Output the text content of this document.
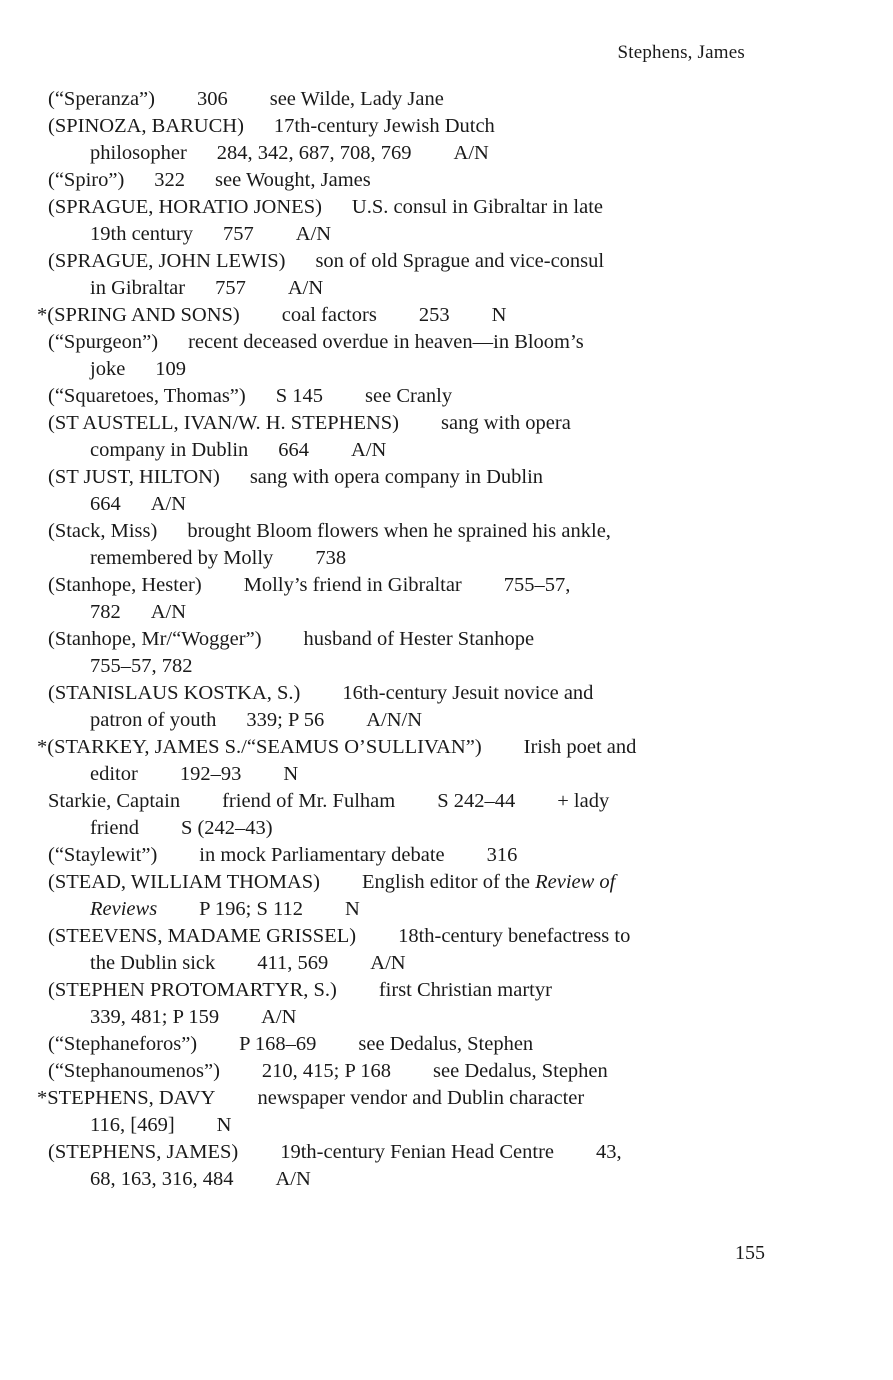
Stephens, James
(“Speranza”) 306 see Wilde, Lady Jane
(SPINOZA, BARUCH) 17th-century Jewish Dutch
philosopher 284, 342, 687, 708, 769 A/N
(“Spiro”) 322 see Wought, James
(SPRAGUE, HORATIO JONES) U.S. consul in Gibraltar in late
19th century 757 A/N
(SPRAGUE, JOHN LEWIS) son of old Sprague and vice-consul
in Gibraltar 757 A/N
*(SPRING AND SONS) coal factors 253 N
(“Spurgeon”) recent deceased overdue in heaven—in Bloom’s
joke 109
(“Squaretoes, Thomas”) S 145 see Cranly
(ST AUSTELL, IVAN/W. H. STEPHENS) sang with opera
company in Dublin 664 A/N
(ST JUST, HILTON) sang with opera company in Dublin
664 A/N
(Stack, Miss) brought Bloom flowers when he sprained his ankle,
remembered by Molly 738
(Stanhope, Hester) Molly’s friend in Gibraltar 755–57,
782 A/N
(Stanhope, Mr/“Wogger”) husband of Hester Stanhope
755–57, 782
(STANISLAUS KOSTKA, S.) 16th-century Jesuit novice and
patron of youth 339; P 56 A/N/N
*(STARKEY, JAMES S./“SEAMUS O’SULLIVAN”) Irish poet and
editor 192–93 N
Starkie, Captain friend of Mr. Fulham S 242–44 + lady
friend S (242–43)
(“Staylewit”) in mock Parliamentary debate 316
(STEAD, WILLIAM THOMAS) English editor of the Review of
Reviews P 196; S 112 N
(STEEVENS, MADAME GRISSEL) 18th-century benefactress to
the Dublin sick 411, 569 A/N
(STEPHEN PROTOMARTYR, S.) first Christian martyr
339, 481; P 159 A/N
(“Stephaneforos”) P 168–69 see Dedalus, Stephen
(“Stephanoumenos”) 210, 415; P 168 see Dedalus, Stephen
*STEPHENS, DAVY newspaper vendor and Dublin character
116, [469] N
(STEPHENS, JAMES) 19th-century Fenian Head Centre 43,
68, 163, 316, 484 A/N
155
